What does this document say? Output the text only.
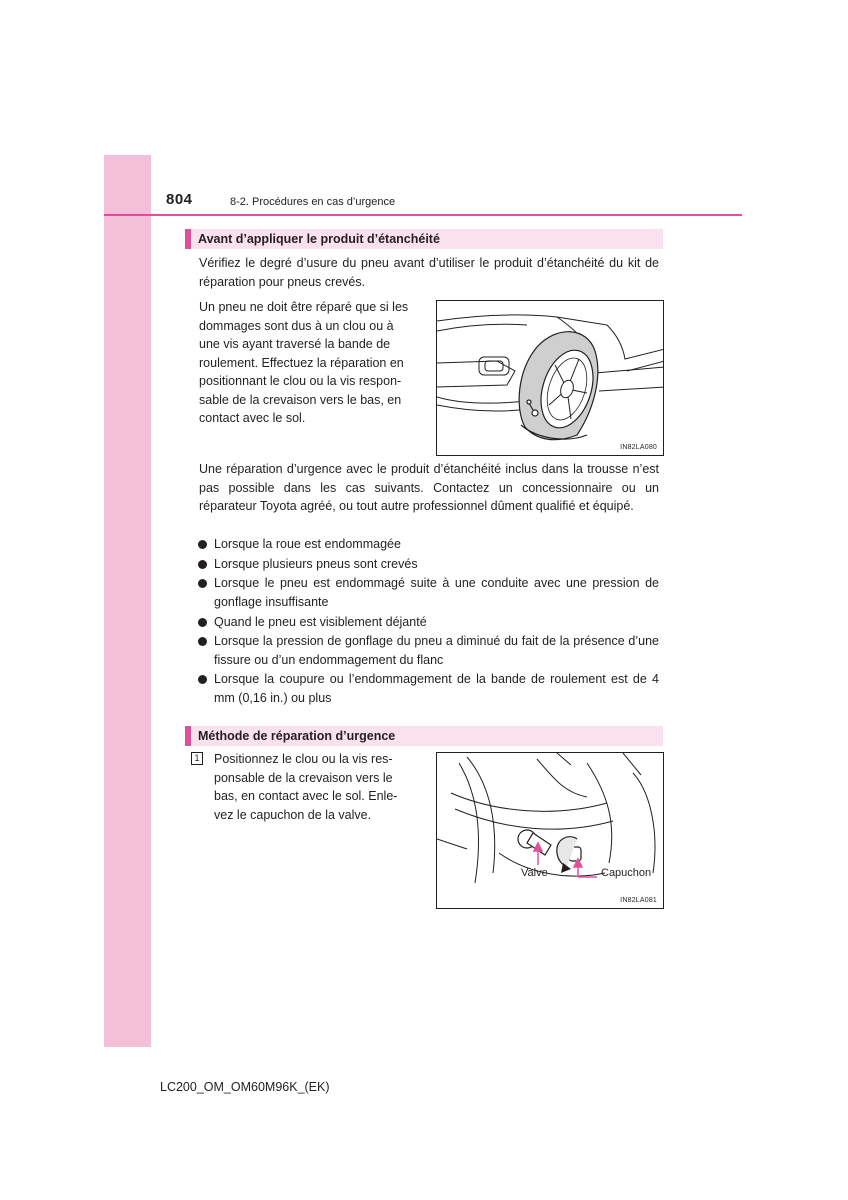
804	8-2. Procédures en cas d’urgence
Avant d’appliquer le produit d’étanchéité

Vérifiez le degré d’usure du pneu avant d’utiliser le produit d’étanchéité du kit de réparation pour pneus crevés.

Un pneu ne doit être réparé que si les
dommages sont dus à un clou ou à
une vis ayant traversé la bande de
roulement. Effectuez la réparation en
positionnant le clou ou la vis respon-
sable de la crevaison vers le bas, en
contact avec le sol.
IN82LA080

Une réparation d’urgence avec le produit d’étanchéité inclus dans la trousse n’est pas possible dans les cas suivants. Contactez un concessionnaire ou un réparateur Toyota agréé, ou tout autre professionnel dûment qualifié et équipé.

Lorsque la roue est endommagée
Lorsque plusieurs pneus sont crevés
Lorsque le pneu est endommagé suite à une conduite avec une pression de gonflage insuffisante
Quand le pneu est visiblement déjanté
Lorsque la pression de gonflage du pneu a diminué du fait de la présence d’une fissure ou d’un endommagement du flanc
Lorsque la coupure ou l’endommagement de la bande de roulement est de 4 mm (0,16 in.) ou plus
Méthode de réparation d’urgence
1 Positionnez le clou ou la vis res-
ponsable de la crevaison vers le
bas, en contact avec le sol. Enle-
vez le capuchon de la valve.
Valve	Capuchon
IN82LA081
LC200_OM_OM60M96K_(EK)
